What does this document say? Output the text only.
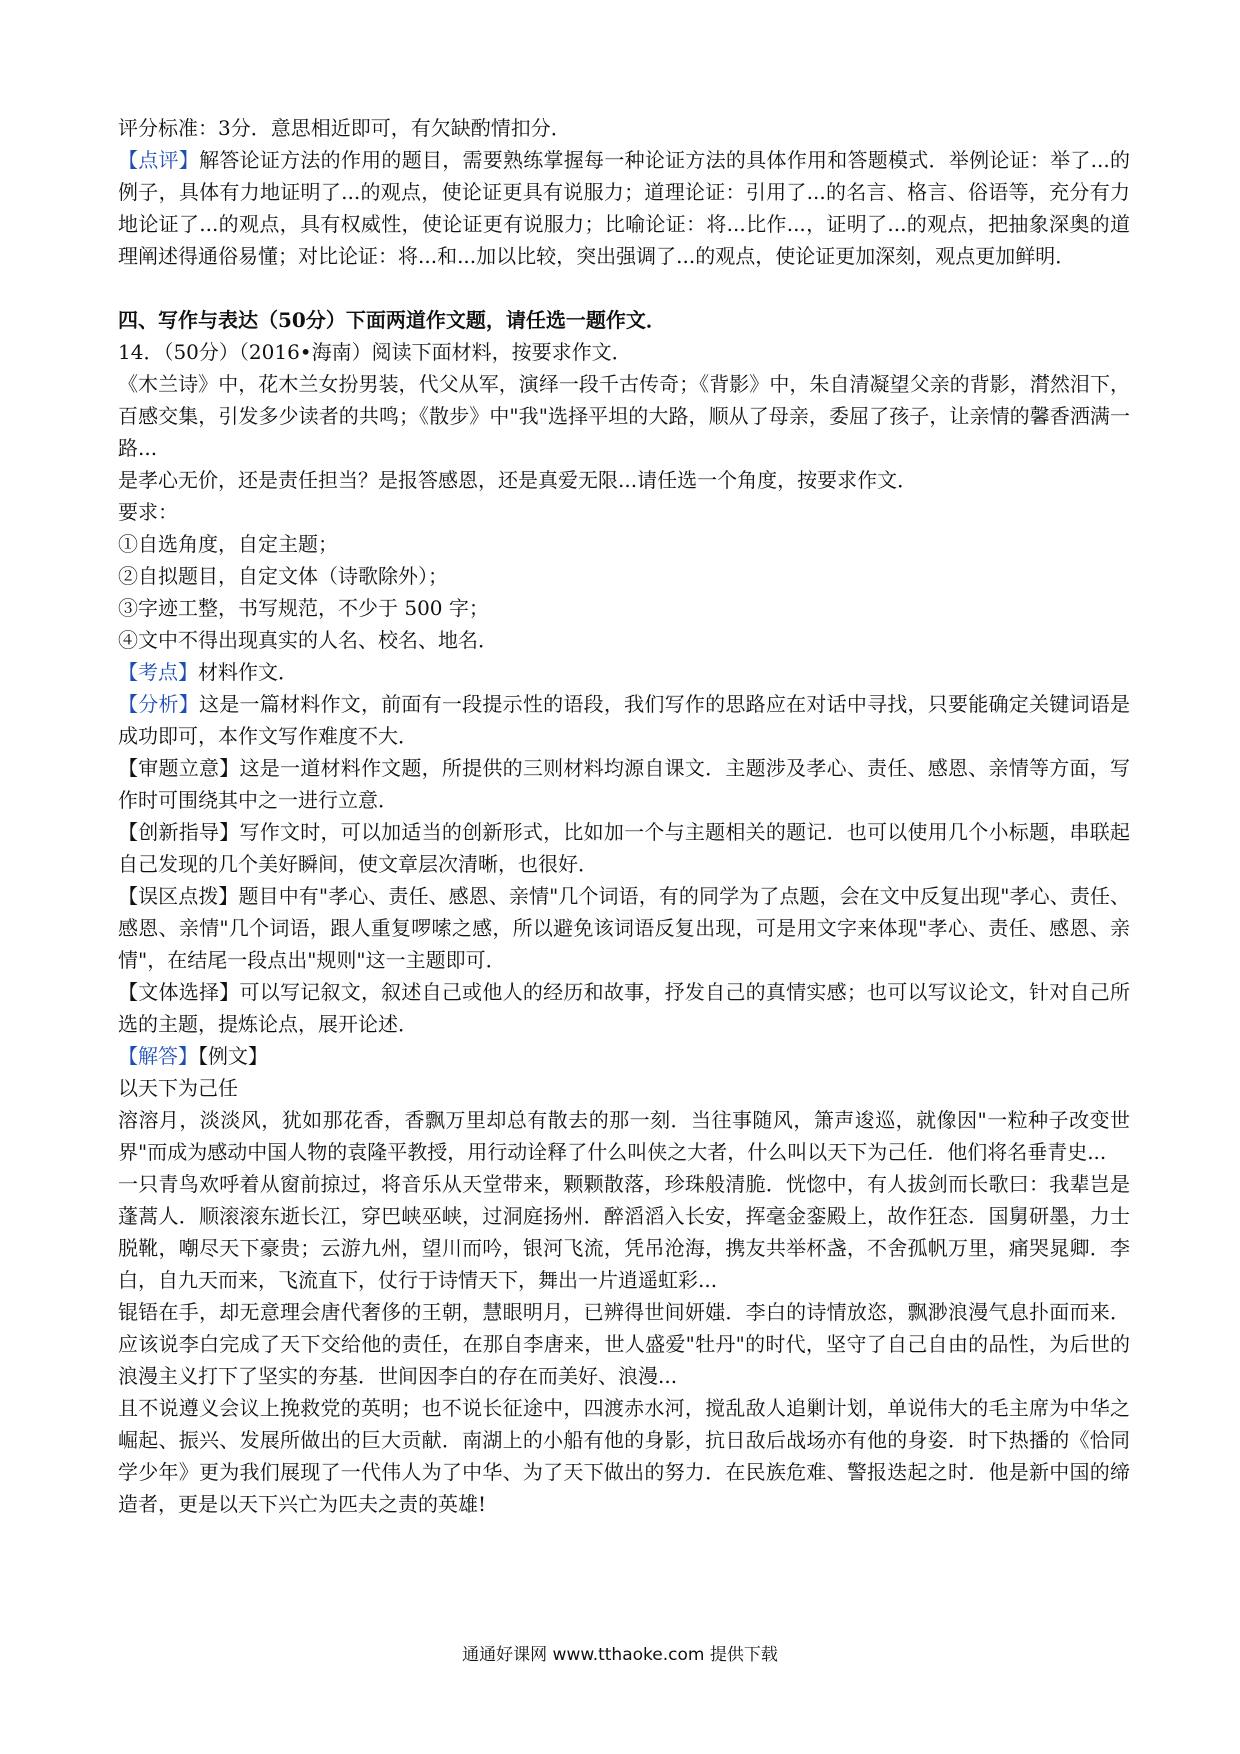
评分标准：3分．意思相近即可，有欠缺酌情扣分．

【点评】解答论证方法的作用的题目，需要熟练掌握每一种论证方法的具体作用和答题模式．举例论证：举了...的例子，具体有力地证明了...的观点，使论证更具有说服力；道理论证：引用了...的名言、格言、俗语等，充分有力地论证了...的观点，具有权威性，使论证更有说服力；比喻论证：将...比作...，证明了...的观点，把抽象深奥的道理阐述得通俗易懂；对比论证：将...和...加以比较，突出强调了...的观点，使论证更加深刻，观点更加鲜明．

四、写作与表达（50分）下面两道作文题，请任选一题作文．

14．（50分）（2016•海南）阅读下面材料，按要求作文．

《木兰诗》中，花木兰女扮男装，代父从军，演绎一段千古传奇；《背影》中，朱自清凝望父亲的背影，潸然泪下，百感交集，引发多少读者的共鸣；《散步》中"我"选择平坦的大路，顺从了母亲，委屈了孩子，让亲情的馨香洒满一路...

是孝心无价，还是责任担当？是报答感恩，还是真爱无限...请任选一个角度，按要求作文．

要求：

①自选角度，自定主题；

②自拟题目，自定文体（诗歌除外）；

③字迹工整，书写规范，不少于 500 字；

④文中不得出现真实的人名、校名、地名．

【考点】材料作文．

【分析】这是一篇材料作文，前面有一段提示性的语段，我们写作的思路应在对话中寻找，只要能确定关键词语是成功即可，本作文写作难度不大．

【审题立意】这是一道材料作文题，所提供的三则材料均源自课文．主题涉及孝心、责任、感恩、亲情等方面，写作时可围绕其中之一进行立意．

【创新指导】写作文时，可以加适当的创新形式，比如加一个与主题相关的题记．也可以使用几个小标题，串联起自己发现的几个美好瞬间，使文章层次清晰，也很好．

【误区点拨】题目中有"孝心、责任、感恩、亲情"几个词语，有的同学为了点题，会在文中反复出现"孝心、责任、感恩、亲情"几个词语，跟人重复啰嗦之感，所以避免该词语反复出现，可是用文字来体现"孝心、责任、感恩、亲情"，在结尾一段点出"规则"这一主题即可．

【文体选择】可以写记叙文，叙述自己或他人的经历和故事，抒发自己的真情实感；也可以写议论文，针对自己所选的主题，提炼论点，展开论述．

【解答】【例文】

以天下为己任

溶溶月，淡淡风，犹如那花香，香飘万里却总有散去的那一刻．当往事随风，箫声逡巡，就像因"一粒种子改变世界"而成为感动中国人物的袁隆平教授，用行动诠释了什么叫侠之大者，什么叫以天下为己任．他们将名垂青史...

一只青鸟欢呼着从窗前掠过，将音乐从天堂带来，颗颗散落，珍珠般清脆．恍惚中，有人拔剑而长歌曰：我辈岂是蓬蒿人．顺滚滚东逝长江，穿巴峡巫峡，过洞庭扬州．醉滔滔入长安，挥毫金銮殿上，故作狂态．国舅研墨，力士脱靴，嘲尽天下豪贵；云游九州，望川而吟，银河飞流，凭吊沧海，携友共举杯盏，不舍孤帆万里，痛哭晁卿．李白，自九天而来，飞流直下，仗行于诗情天下，舞出一片逍遥虹彩...

锟铻在手，却无意理会唐代奢侈的王朝，慧眼明月，已辨得世间妍媸．李白的诗情放恣，飘渺浪漫气息扑面而来．应该说李白完成了天下交给他的责任，在那自李唐来，世人盛爱"牡丹"的时代，坚守了自己自由的品性，为后世的浪漫主义打下了坚实的夯基．世间因李白的存在而美好、浪漫...

且不说遵义会议上挽救党的英明；也不说长征途中，四渡赤水河，搅乱敌人追剿计划，单说伟大的毛主席为中华之崛起、振兴、发展所做出的巨大贡献．南湖上的小船有他的身影，抗日敌后战场亦有他的身姿．时下热播的《恰同学少年》更为我们展现了一代伟人为了中华、为了天下做出的努力．在民族危难、警报迭起之时．他是新中国的缔造者，更是以天下兴亡为匹夫之责的英雄!

通通好课网 www.tthaoke.com 提供下载
